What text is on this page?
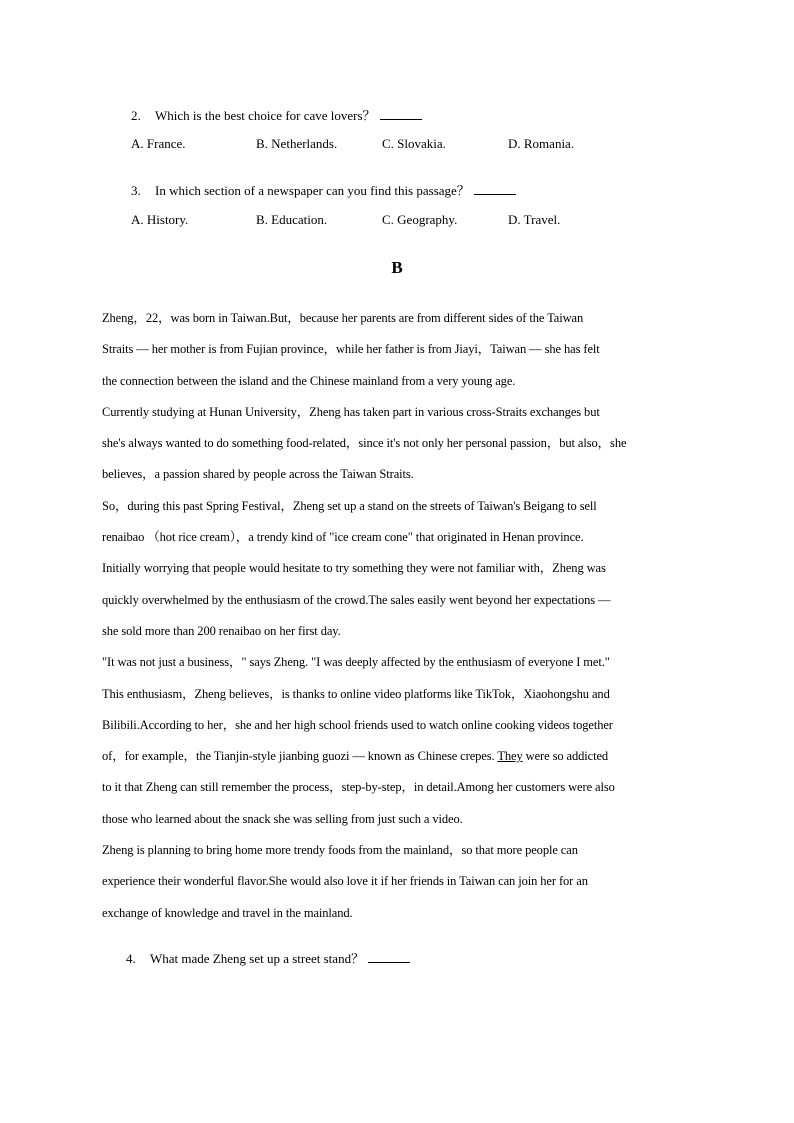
2. Which is the best choice for cave lovers？
A. France.	B. Netherlands.	C. Slovakia.	D. Romania.
3. In which section of a newspaper can you find this passage？
A. History.	B. Education.	C. Geography.	D. Travel.
B
Zheng，22，was born in Taiwan.But，because her parents are from different sides of the Taiwan
Straits — her mother is from Fujian province，while her father is from Jiayi，Taiwan — she has felt
the connection between the island and the Chinese mainland from a very young age.
Currently studying at Hunan University，Zheng has taken part in various cross-Straits exchanges but
she's always wanted to do something food-related，since it's not only her personal passion，but also，she
believes，a passion shared by people across the Taiwan Straits.
So，during this past Spring Festival，Zheng set up a stand on the streets of Taiwan's Beigang to sell
renaibao （hot rice cream），a trendy kind of "ice cream cone" that originated in Henan province.
Initially worrying that people would hesitate to try something they were not familiar with，Zheng was
quickly overwhelmed by the enthusiasm of the crowd.The sales easily went beyond her expectations —
she sold more than 200 renaibao on her first day.
"It was not just a business，" says Zheng. "I was deeply affected by the enthusiasm of everyone I met."
This enthusiasm，Zheng believes，is thanks to online video platforms like TikTok，Xiaohongshu and
Bilibili.According to her，she and her high school friends used to watch online cooking videos together
of，for example，the Tianjin-style jianbing guozi — known as Chinese crepes. They were so addicted
to it that Zheng can still remember the process，step-by-step，in detail.Among her customers were also
those who learned about the snack she was selling from just such a video.
Zheng is planning to bring home more trendy foods from the mainland，so that more people can
experience their wonderful flavor.She would also love it if her friends in Taiwan can join her for an
exchange of knowledge and travel in the mainland.
4. What made Zheng set up a street stand？
